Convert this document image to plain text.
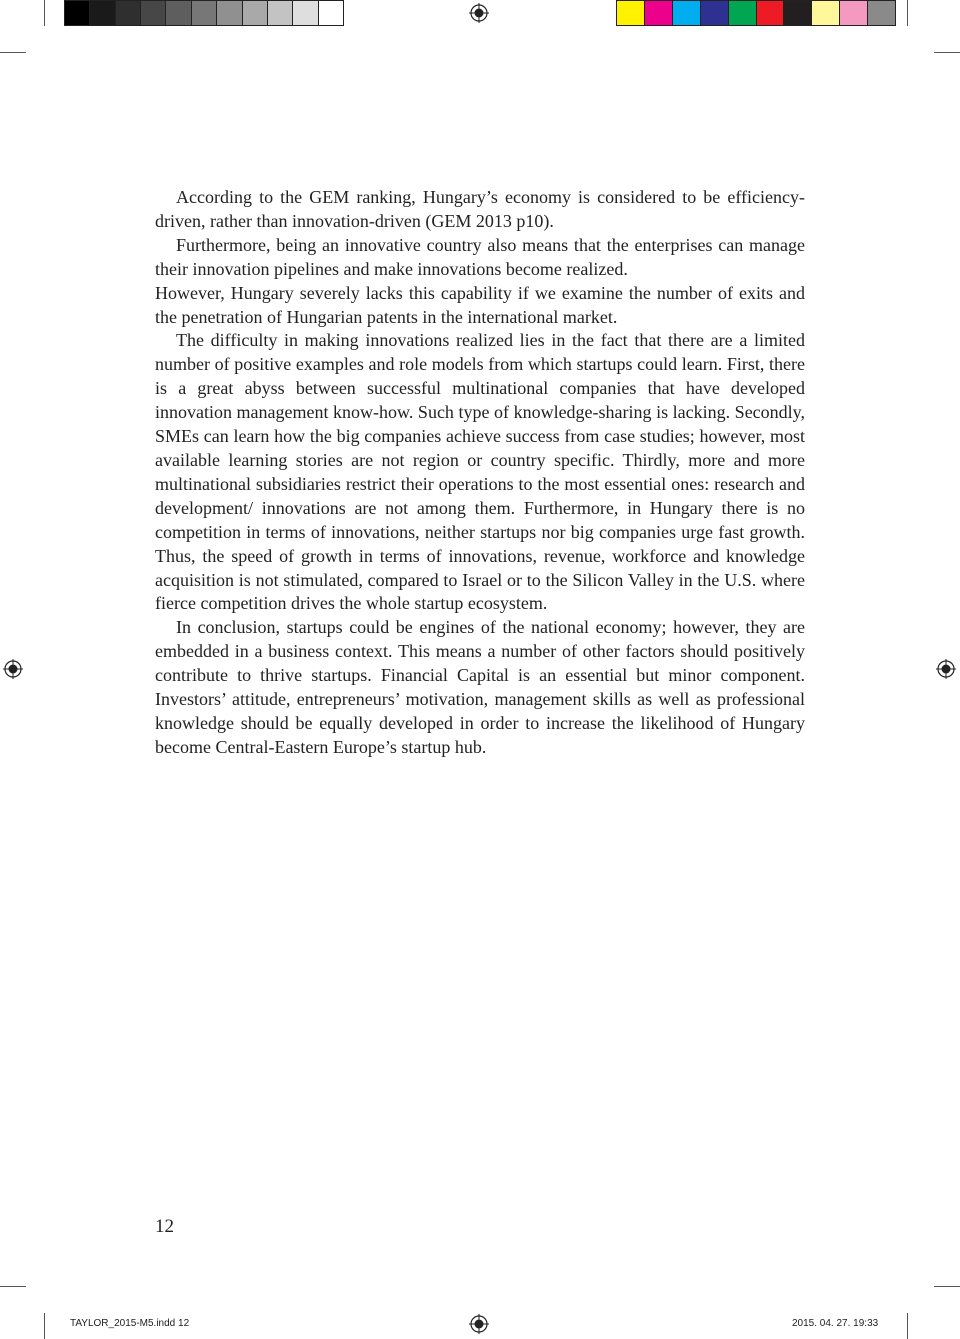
According to the GEM ranking, Hungary’s economy is considered to be efficiency-driven, rather than innovation-driven (GEM 2013 p10).

Furthermore, being an innovative country also means that the enterprises can manage their innovation pipelines and make innovations become realized.

However, Hungary severely lacks this capability if we examine the number of exits and the penetration of Hungarian patents in the international market.

The difficulty in making innovations realized lies in the fact that there are a limited number of positive examples and role models from which startups could learn. First, there is a great abyss between successful multinational companies that have developed innovation management know-how. Such type of knowledge-sharing is lacking. Secondly, SMEs can learn how the big companies achieve success from case studies; however, most available learning stories are not region or country specific. Thirdly, more and more multinational subsidiaries restrict their operations to the most essential ones: research and development/ innovations are not among them. Furthermore, in Hungary there is no competition in terms of innovations, neither startups nor big companies urge fast growth. Thus, the speed of growth in terms of innovations, revenue, workforce and knowledge acquisition is not stimulated, compared to Israel or to the Silicon Valley in the U.S. where fierce competition drives the whole startup ecosystem.

In conclusion, startups could be engines of the national economy; however, they are embedded in a business context. This means a number of other factors should positively contribute to thrive startups. Financial Capital is an essential but minor component. Investors’ attitude, entrepreneurs’ motivation, management skills as well as professional knowledge should be equally developed in order to increase the likelihood of Hungary become Central-Eastern Europe’s startup hub.

12
TAYLOR_2015-M5.indd 12	2015. 04. 27. 19:33
